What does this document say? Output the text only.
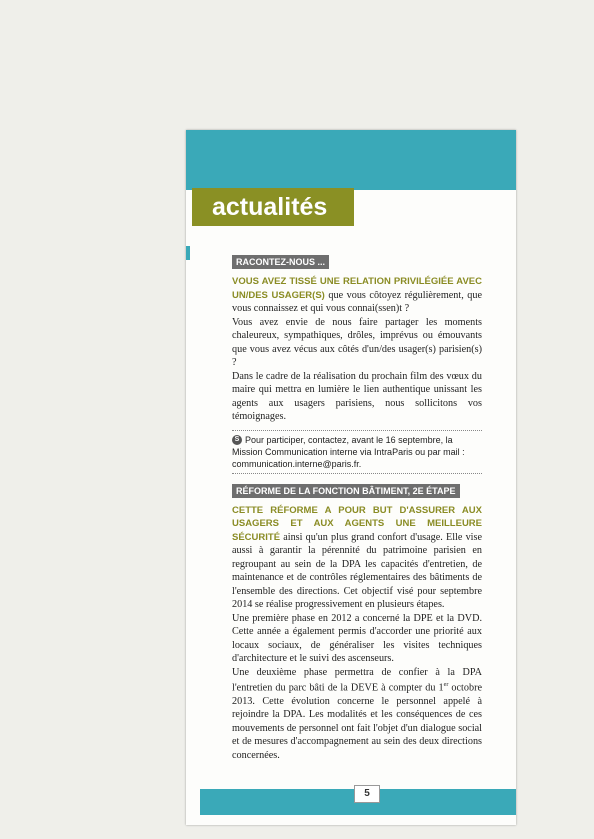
actualités
RACONTEZ-NOUS ...

VOUS AVEZ TISSÉ UNE RELATION PRIVILÉGIÉE AVEC UN/DES USAGER(S) que vous côtoyez régulièrement, que vous connaissez et qui vous connai(ssen)t ?

Vous avez envie de nous faire partager les moments chaleureux, sympathiques, drôles, imprévus ou émouvants que vous avez vécus aux côtés d'un/des usager(s) parisien(s) ?

Dans le cadre de la réalisation du prochain film des vœux du maire qui mettra en lumière le lien authentique unissant les agents aux usagers parisiens, nous sollicitons vos témoignages.

S Pour participer, contactez, avant le 16 septembre, la Mission Communication interne via IntraParis ou par mail : communication.interne@paris.fr.
RÉFORME DE LA FONCTION BÂTIMENT, 2E ÉTAPE

CETTE RÉFORME A POUR BUT D'ASSURER AUX USAGERS ET AUX AGENTS UNE MEILLEURE SÉCURITÉ ainsi qu'un plus grand confort d'usage. Elle vise aussi à garantir la pérennité du patrimoine parisien en regroupant au sein de la DPA les capacités d'entretien, de maintenance et de contrôles réglementaires des bâtiments de l'ensemble des directions. Cet objectif visé pour septembre 2014 se réalise progressivement en plusieurs étapes.

Une première phase en 2012 a concerné la DPE et la DVD. Cette année a également permis d'accorder une priorité aux locaux sociaux, de généraliser les visites techniques d'architecture et le suivi des ascenseurs.

Une deuxième phase permettra de confier à la DPA l'entretien du parc bâti de la DEVE à compter du 1er octobre 2013. Cette évolution concerne le personnel appelé à rejoindre la DPA. Les modalités et les conséquences de ces mouvements de personnel ont fait l'objet d'un dialogue social et de mesures d'accompagnement au sein des deux directions concernées.

5
